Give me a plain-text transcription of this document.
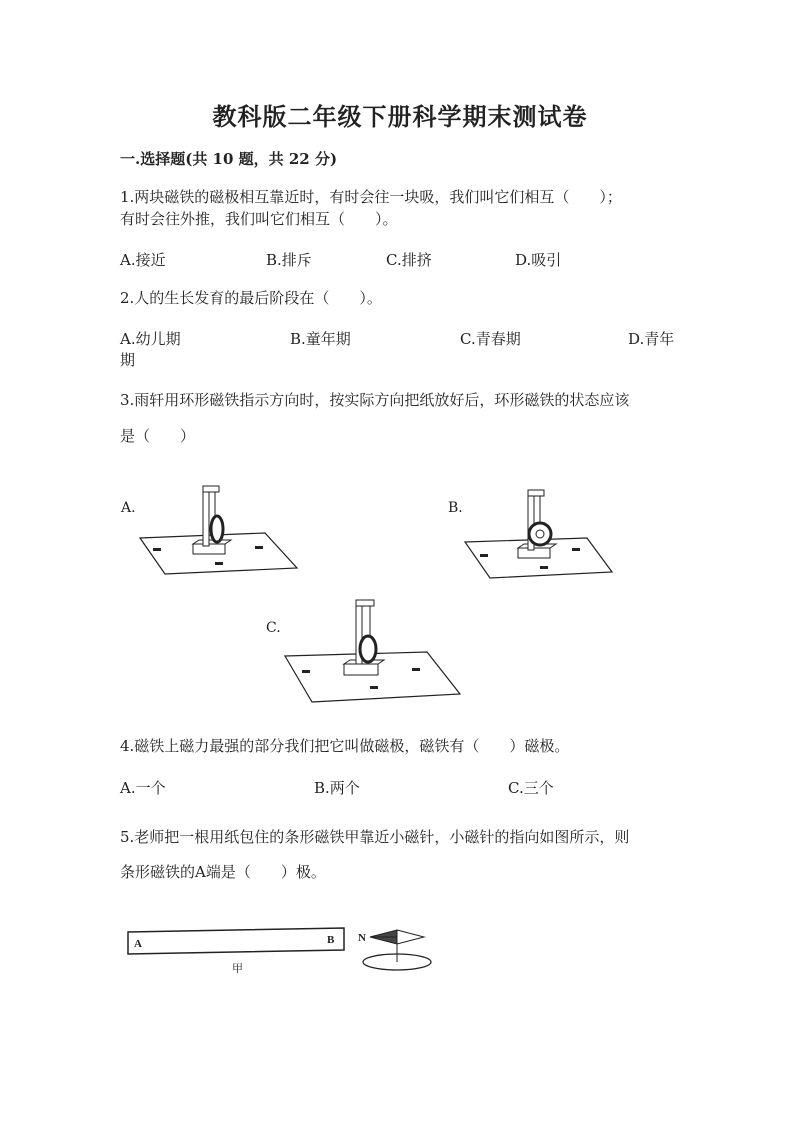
教科版二年级下册科学期末测试卷
一.选择题(共 10 题，共 22 分)
1.两块磁铁的磁极相互靠近时，有时会往一块吸，我们叫它们相互（　　）；
有时会往外推，我们叫它们相互（　　）。
A.接近	B.排斥	C.排挤	D.吸引
2.人的生长发育的最后阶段在（　　）。
A.幼儿期	B.童年期	C.青春期	D.青年
期
3.雨轩用环形磁铁指示方向时，按实际方向把纸放好后，环形磁铁的状态应该
是（　　）
A.	B.
C.
4.磁铁上磁力最强的部分我们把它叫做磁极，磁铁有（　　）磁极。
A.一个	B.两个	C.三个
5.老师把一根用纸包住的条形磁铁甲靠近小磁针，小磁针的指向如图所示，则
条形磁铁的A端是（　　）极。
A	B
甲
N
